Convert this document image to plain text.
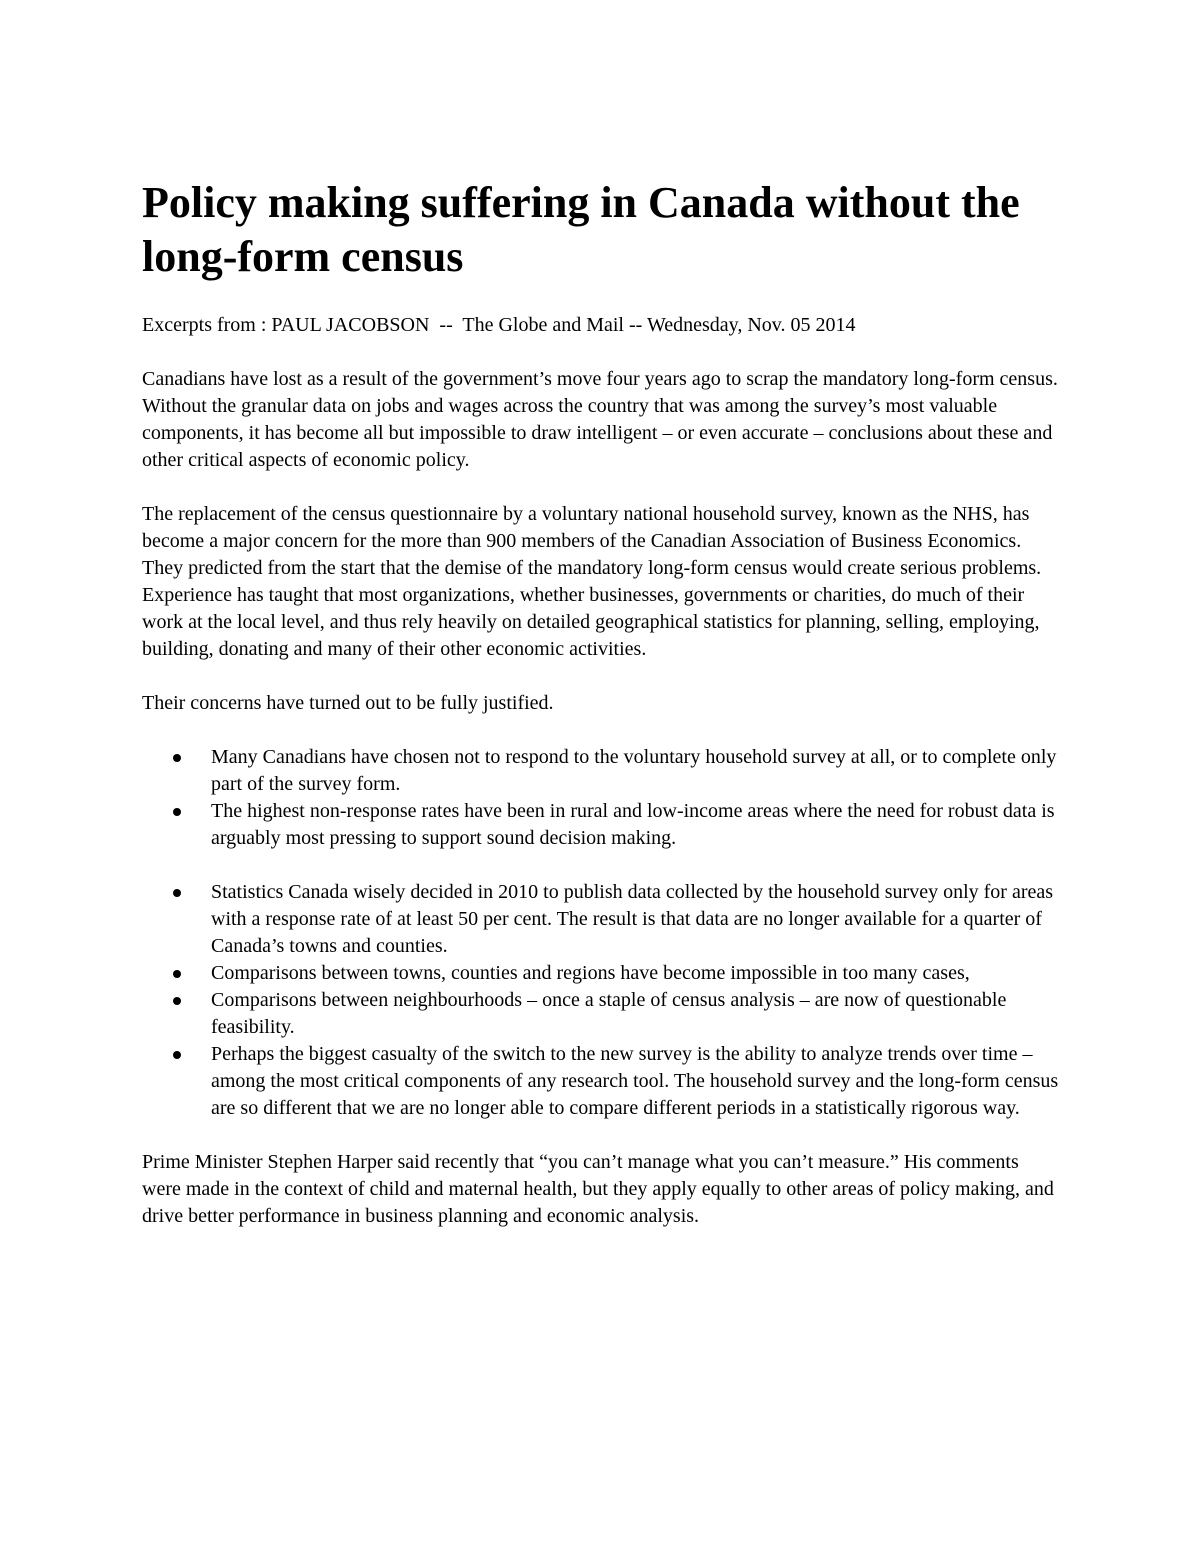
Policy making suffering in Canada without the long-form census

Excerpts from : PAUL JACOBSON  --  The Globe and Mail -- Wednesday, Nov. 05 2014

Canadians have lost as a result of the government’s move four years ago to scrap the mandatory long-form census. Without the granular data on jobs and wages across the country that was among the survey’s most valuable components, it has become all but impossible to draw intelligent – or even accurate – conclusions about these and other critical aspects of economic policy.

The replacement of the census questionnaire by a voluntary national household survey, known as the NHS, has become a major concern for the more than 900 members of the Canadian Association of Business Economics. They predicted from the start that the demise of the mandatory long-form census would create serious problems. Experience has taught that most organizations, whether businesses, governments or charities, do much of their work at the local level, and thus rely heavily on detailed geographical statistics for planning, selling, employing, building, donating and many of their other economic activities.

Their concerns have turned out to be fully justified.

Many Canadians have chosen not to respond to the voluntary household survey at all, or to complete only part of the survey form.
The highest non-response rates have been in rural and low-income areas where the need for robust data is arguably most pressing to support sound decision making.
Statistics Canada wisely decided in 2010 to publish data collected by the household survey only for areas with a response rate of at least 50 per cent. The result is that data are no longer available for a quarter of Canada’s towns and counties.
Comparisons between towns, counties and regions have become impossible in too many cases,
Comparisons between neighbourhoods – once a staple of census analysis – are now of questionable feasibility.
Perhaps the biggest casualty of the switch to the new survey is the ability to analyze trends over time – among the most critical components of any research tool. The household survey and the long-form census are so different that we are no longer able to compare different periods in a statistically rigorous way.

Prime Minister Stephen Harper said recently that “you can’t manage what you can’t measure.” His comments were made in the context of child and maternal health, but they apply equally to other areas of policy making, and drive better performance in business planning and economic analysis.
